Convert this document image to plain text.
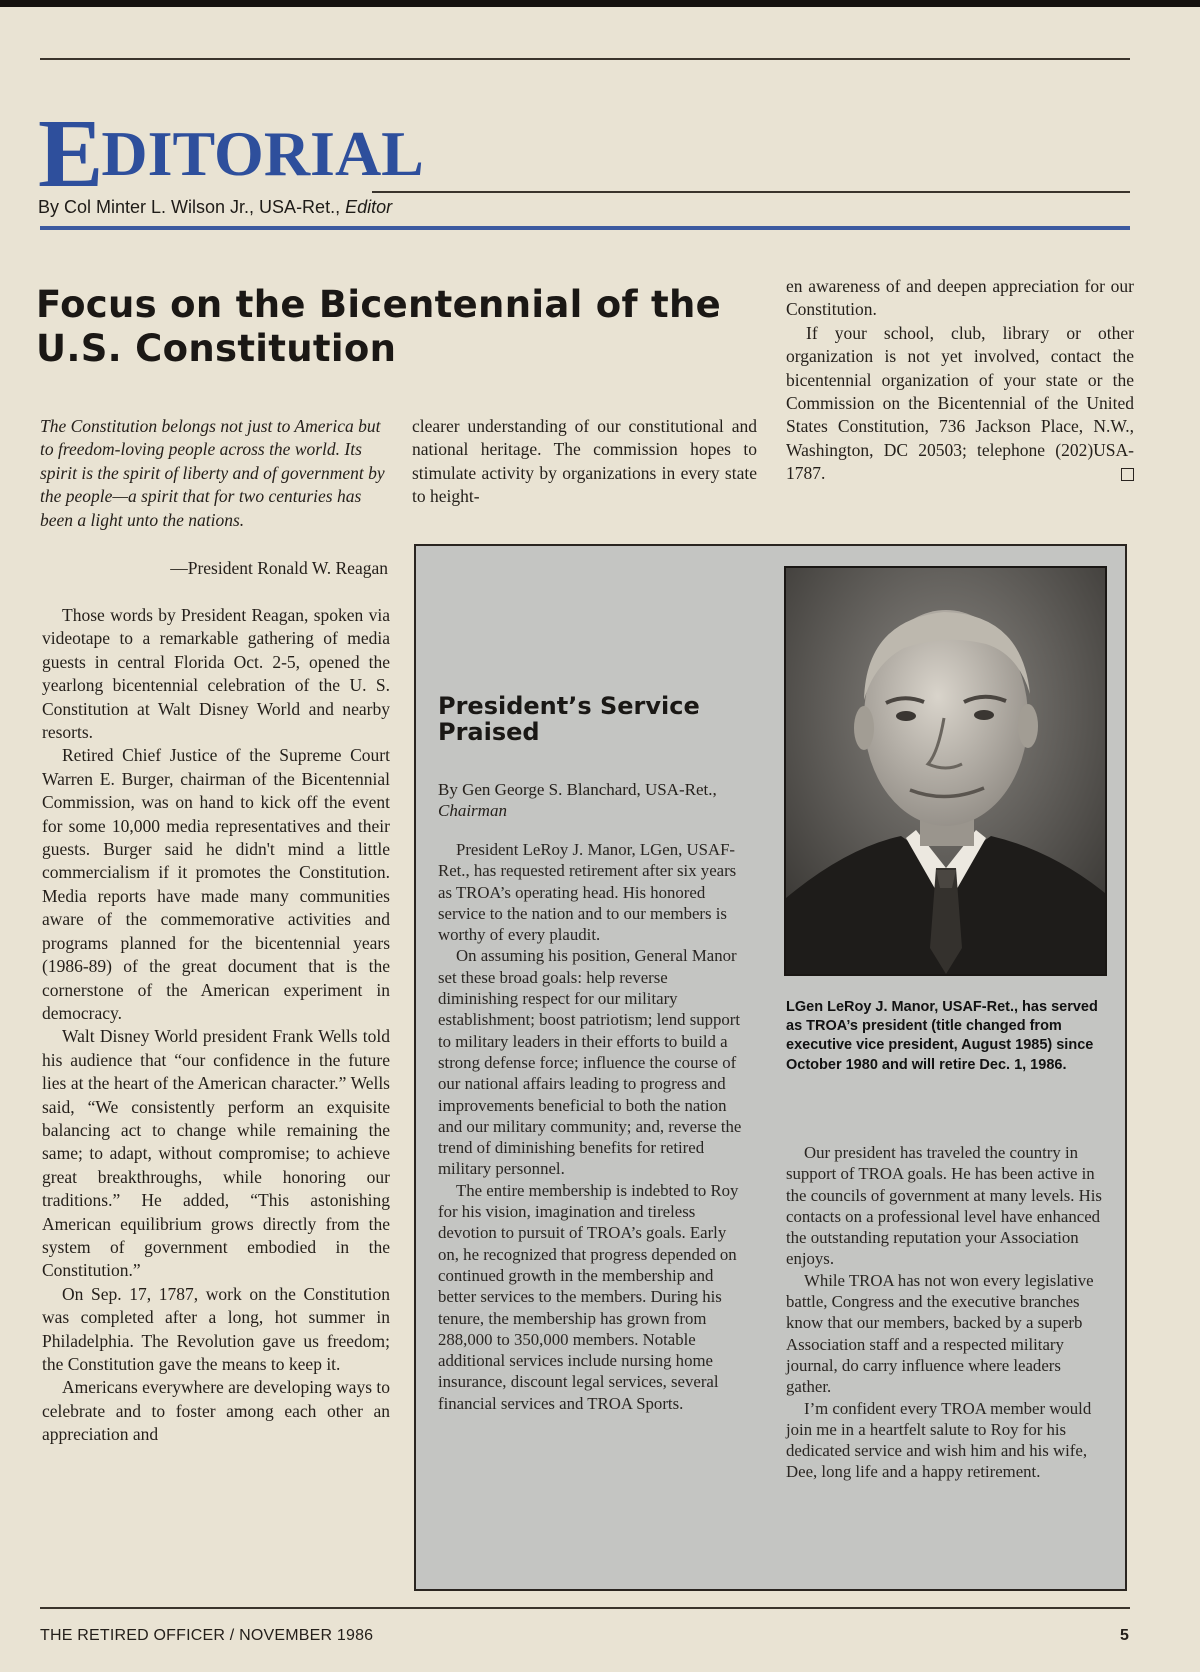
EDITORIAL
By Col Minter L. Wilson Jr., USA-Ret., Editor
Focus on the Bicentennial of the U.S. Constitution
The Constitution belongs not just to America but to freedom-loving people across the world. Its spirit is the spirit of liberty and of government by the people—a spirit that for two centuries has been a light unto the nations.
—President Ronald W. Reagan

Those words by President Reagan, spoken via videotape to a remarkable gathering of media guests in central Florida Oct. 2-5, opened the yearlong bicentennial celebration of the U. S. Constitution at Walt Disney World and nearby resorts.

Retired Chief Justice of the Supreme Court Warren E. Burger, chairman of the Bicentennial Commission, was on hand to kick off the event for some 10,000 media representatives and their guests. Burger said he didn't mind a little commercialism if it promotes the Constitution. Media reports have made many communities aware of the commemorative activities and programs planned for the bicentennial years (1986-89) of the great document that is the cornerstone of the American experiment in democracy.

Walt Disney World president Frank Wells told his audience that “our confidence in the future lies at the heart of the American character.” Wells said, “We consistently perform an exquisite balancing act to change while remaining the same; to adapt, without compromise; to achieve great breakthroughs, while honoring our traditions.” He added, “This astonishing American equilibrium grows directly from the system of government embodied in the Constitution.”

On Sep. 17, 1787, work on the Constitution was completed after a long, hot summer in Philadelphia. The Revolution gave us freedom; the Constitution gave the means to keep it.

Americans everywhere are developing ways to celebrate and to foster among each other an appreciation and

clearer understanding of our constitutional and national heritage. The commission hopes to stimulate activity by organizations in every state to height-

en awareness of and deepen appreciation for our Constitution.

If your school, club, library or other organization is not yet involved, contact the bicentennial organization of your state or the Commission on the Bicentennial of the United States Constitution, 736 Jackson Place, N.W., Washington, DC 20503; telephone (202)USA-1787.

President’s Service Praised
By Gen George S. Blanchard, USA-Ret., Chairman

President LeRoy J. Manor, LGen, USAF-Ret., has requested retirement after six years as TROA’s operating head. His honored service to the nation and to our members is worthy of every plaudit.

On assuming his position, General Manor set these broad goals: help reverse diminishing respect for our military establishment; boost patriotism; lend support to military leaders in their efforts to build a strong defense force; influence the course of our national affairs leading to progress and improvements beneficial to both the nation and our military community; and, reverse the trend of diminishing benefits for retired military personnel.

The entire membership is indebted to Roy for his vision, imagination and tireless devotion to pursuit of TROA’s goals. Early on, he recognized that progress depended on continued growth in the membership and better services to the members. During his tenure, the membership has grown from 288,000 to 350,000 members. Notable additional services include nursing home insurance, discount legal services, several financial services and TROA Sports.

LGen LeRoy J. Manor, USAF-Ret., has served as TROA’s president (title changed from executive vice president, August 1985) since October 1980 and will retire Dec. 1, 1986.

Our president has traveled the country in support of TROA goals. He has been active in the councils of government at many levels. His contacts on a professional level have enhanced the outstanding reputation your Association enjoys.

While TROA has not won every legislative battle, Congress and the executive branches know that our members, backed by a superb Association staff and a respected military journal, do carry influence where leaders gather.

I’m confident every TROA member would join me in a heartfelt salute to Roy for his dedicated service and wish him and his wife, Dee, long life and a happy retirement.

THE RETIRED OFFICER / NOVEMBER 1986	5
